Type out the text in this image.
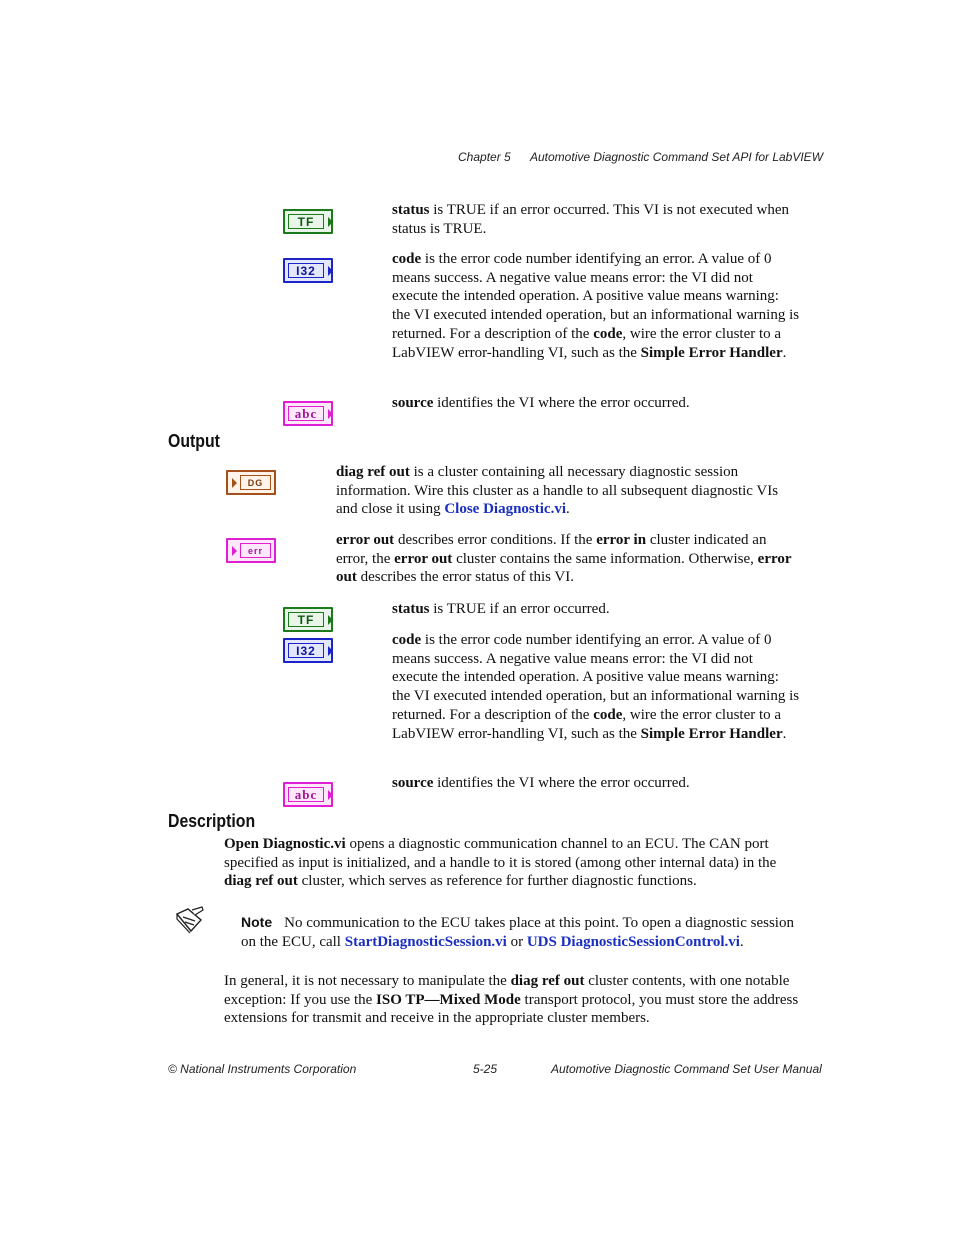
Chapter 5 Automotive Diagnostic Command Set API for LabVIEW
TF
status is TRUE if an error occurred. This VI is not executed when status is TRUE.
I32
code is the error code number identifying an error. A value of 0 means success. A negative value means error: the VI did not execute the intended operation. A positive value means warning: the VI executed intended operation, but an informational warning is returned. For a description of the code, wire the error cluster to a LabVIEW error-handling VI, such as the Simple Error Handler.
abc
source identifies the VI where the error occurred.
Output
DG
diag ref out is a cluster containing all necessary diagnostic session information. Wire this cluster as a handle to all subsequent diagnostic VIs and close it using Close Diagnostic.vi.
err
error out describes error conditions. If the error in cluster indicated an error, the error out cluster contains the same information. Otherwise, error out describes the error status of this VI.
TF
status is TRUE if an error occurred.
I32
code is the error code number identifying an error. A value of 0 means success. A negative value means error: the VI did not execute the intended operation. A positive value means warning: the VI executed intended operation, but an informational warning is returned. For a description of the code, wire the error cluster to a LabVIEW error-handling VI, such as the Simple Error Handler.
abc
source identifies the VI where the error occurred.
Description
Open Diagnostic.vi opens a diagnostic communication channel to an ECU. The CAN port specified as input is initialized, and a handle to it is stored (among other internal data) in the diag ref out cluster, which serves as reference for further diagnostic functions.
Note No communication to the ECU takes place at this point. To open a diagnostic session on the ECU, call StartDiagnosticSession.vi or UDS DiagnosticSessionControl.vi.
In general, it is not necessary to manipulate the diag ref out cluster contents, with one notable exception: If you use the ISO TP—Mixed Mode transport protocol, you must store the address extensions for transmit and receive in the appropriate cluster members.
© National Instruments Corporation	5-25	Automotive Diagnostic Command Set User Manual
